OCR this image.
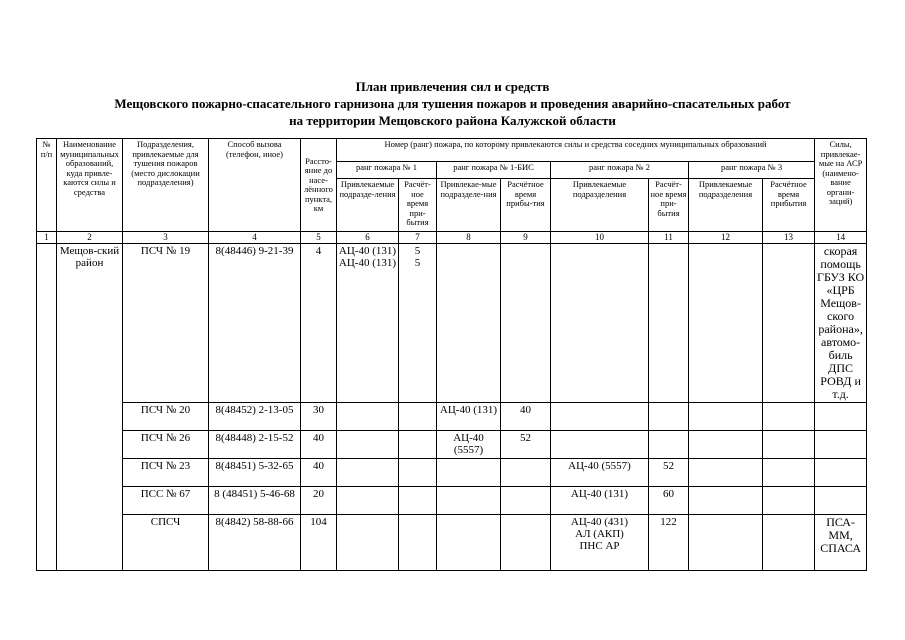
План привлечения сил и средств
Мещовского пожарно-спасательного гарнизона для тушения пожаров и проведения аварийно-спасательных работ
на территории Мещовского района Калужской области
№ п/п	Наименование муниципальных образований, куда привле-каются силы и средства	Подразделения, привлекаемые для тушения пожаров (место дислокации подразделения)	Способ вызова (телефон, иное)	Рассто-яние до насе-лённого пункта, км	Номер (ранг) пожара, по которому привлекаются силы и средства соседних муниципальных образований								Силы, привлекае-мые на АСР (наимено-вание органи-заций)
					ранг пожара № 1		ранг пожара № 1-БИС		ранг пожара № 2		ранг пожара № 3		
					Привлекаемые подразде-ления	Расчёт-ное время при-бытия	Привлекае-мые подразделе-ния	Расчётное время прибы-тия	Привлекаемые подразделения	Расчёт-ное время при-бытия	Привлекаемые подразделения	Расчётное время прибытия	
1	2	3	4	5	6	7	8	9	10	11	12	13	14
	Мещов-ский район	ПСЧ № 19	8(48446) 9-21-39	4	АЦ-40 (131) АЦ-40 (131)	5 5							скорая помощь ГБУЗ КО «ЦРБ Мещов-ского района», автомо-биль ДПС РОВД и т.д.
		ПСЧ № 20	8(48452) 2-13-05	30			АЦ-40 (131)	40					
		ПСЧ № 26	8(48448) 2-15-52	40			АЦ-40 (5557)	52					
		ПСЧ № 23	8(48451) 5-32-65	40					АЦ-40 (5557)	52			
		ПСС № 67	8 (48451) 5-46-68	20					АЦ-40 (131)	60			
		СПСЧ	8(4842) 58-88-66	104					АЦ-40 (431) АЛ (АКП) ПНС АР	122			ПСА-ММ, СПАСА
